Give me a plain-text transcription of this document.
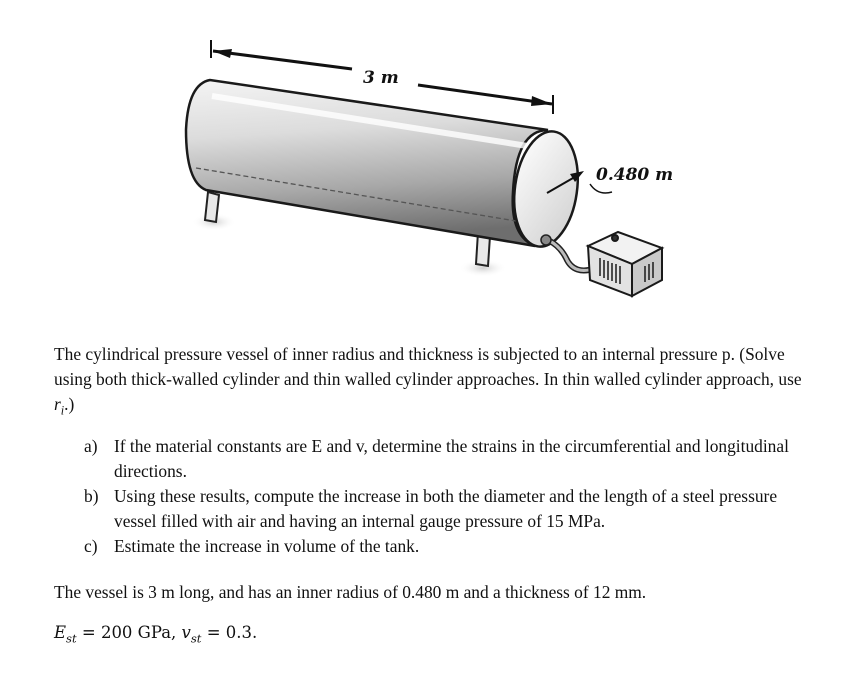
3 m
0.480 m
The cylindrical pressure vessel of inner radius and thickness is subjected to an internal pressure p. (Solve using both thick-walled cylinder and thin walled cylinder approaches. In thin walled cylinder approach, use $r_i$.)
a) If the material constants are E and v, determine the strains in the circumferential and longitudinal directions.
b) Using these results, compute the increase in both the diameter and the length of a steel pressure vessel filled with air and having an internal gauge pressure of 15 MPa.
c) Estimate the increase in volume of the tank.
The vessel is 3 m long, and has an inner radius of 0.480 m and a thickness of 12 mm.
$E_{st} = 200$ GPa, $v_{st} = 0.3$.
